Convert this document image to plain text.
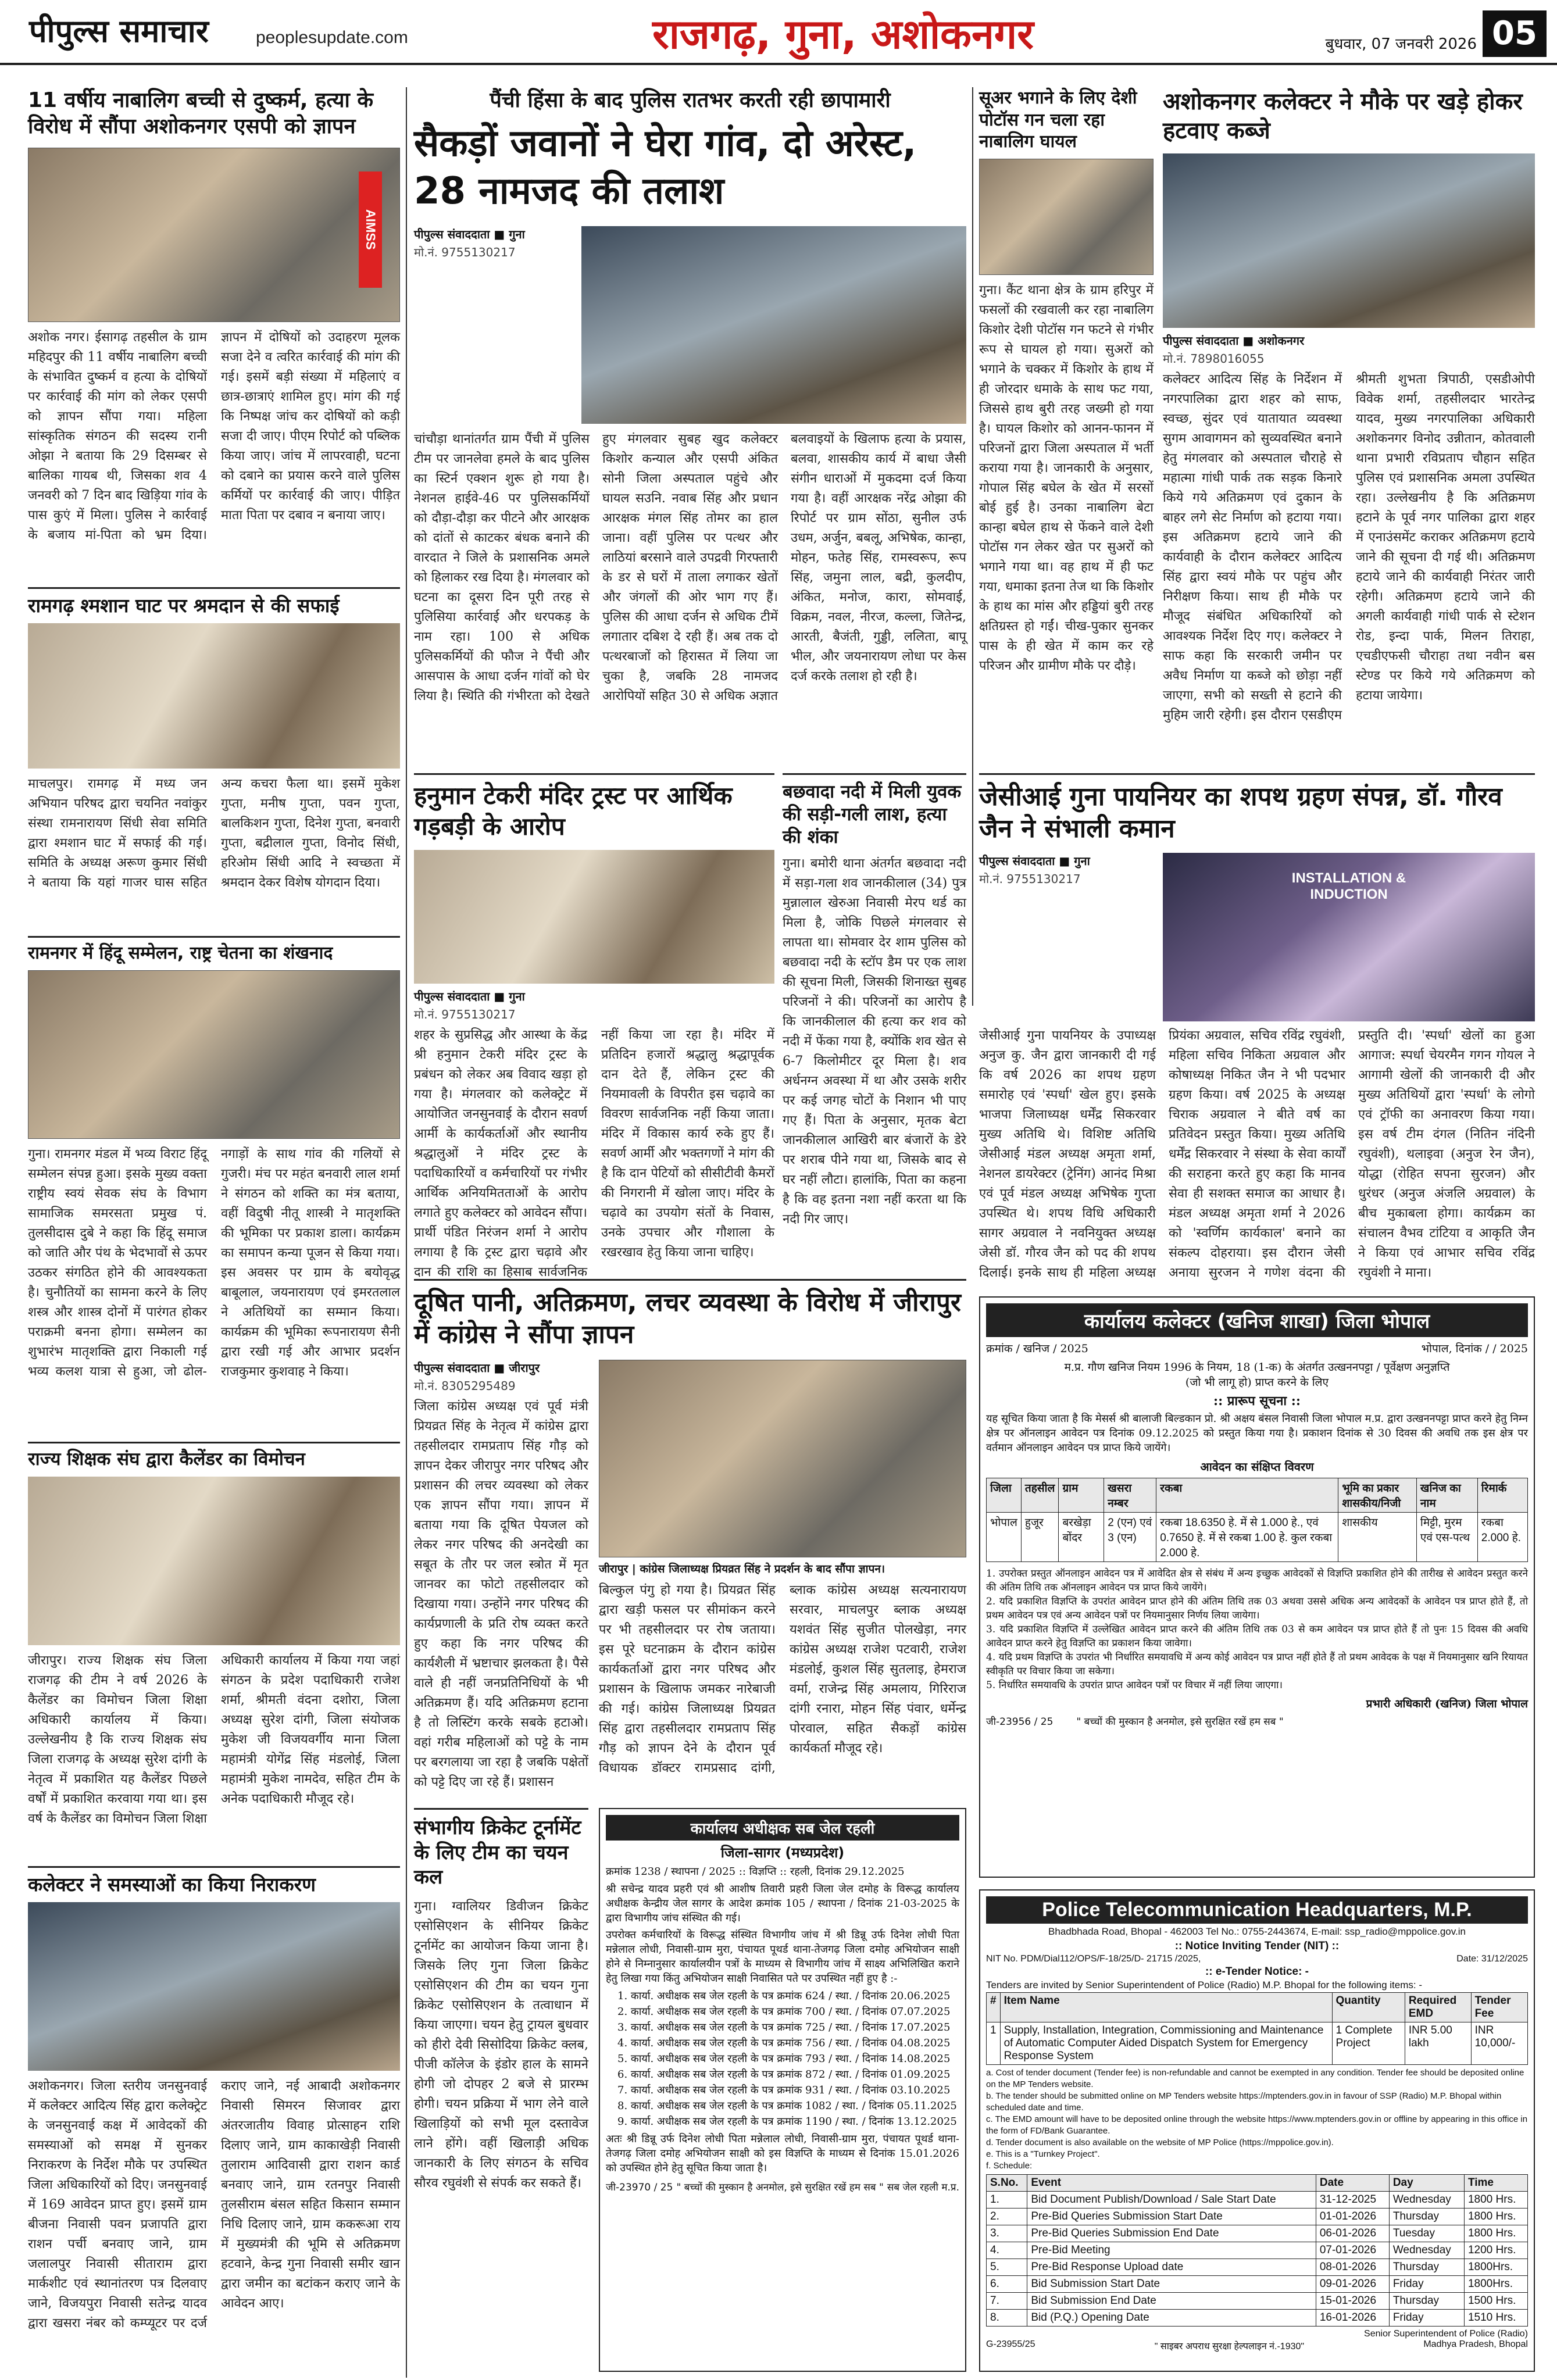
पीपुल्स समाचार	peoplesupdate.com	राजगढ़, गुना, अशोकनगर	बुधवार, 07 जनवरी 2026 05
11 वर्षीय नाबालिग बच्ची से दुष्कर्म, हत्या के विरोध में सौंपा अशोकनगर एसपी को ज्ञापन
AIMSS
अशोक नगर। ईसागढ़ तहसील के ग्राम महिदपुर की 11 वर्षीय नाबालिग बच्ची के संभावित दुष्कर्म व हत्या के दोषियों पर कार्रवाई की मांग को लेकर एसपी को ज्ञापन सौंपा गया। महिला सांस्कृतिक संगठन की सदस्य रानी ओझा ने बताया कि 29 दिसम्बर से बालिका गायब थी, जिसका शव 4 जनवरी को 7 दिन बाद खिड़िया गांव के पास कुएं में मिला। पुलिस ने कार्रवाई के बजाय मां-पिता को भ्रम दिया। ज्ञापन में दोषियों को उदाहरण मूलक सजा देने व त्वरित कार्रवाई की मांग की गई। इसमें बड़ी संख्या में महिलाएं व छात्र-छात्राएं शामिल हुए। मांग की गई कि निष्पक्ष जांच कर दोषियों को कड़ी सजा दी जाए। पीएम रिपोर्ट को पब्लिक किया जाए। जांच में लापरवाही, घटना को दबाने का प्रयास करने वाले पुलिस कर्मियों पर कार्रवाई की जाए। पीड़ित माता पिता पर दबाव न बनाया जाए।
रामगढ़ श्मशान घाट पर श्रमदान से की सफाई
माचलपुर। रामगढ़ में मध्य जन अभियान परिषद द्वारा चयनित नवांकुर संस्था रामनारायण सिंधी सेवा समिति द्वारा श्मशान घाट में सफाई की गई। समिति के अध्यक्ष अरूण कुमार सिंधी ने बताया कि यहां गाजर घास सहित अन्य कचरा फैला था। इसमें मुकेश गुप्ता, मनीष गुप्ता, पवन गुप्ता, बालकिशन गुप्ता, दिनेश गुप्ता, बनवारी गुप्ता, बद्रीलाल गुप्ता, विनोद सिंधी, हरिओम सिंधी आदि ने स्वच्छता में श्रमदान देकर विशेष योगदान दिया।
रामनगर में हिंदू सम्मेलन, राष्ट्र चेतना का शंखनाद
गुना। रामनगर मंडल में भव्य विराट हिंदू सम्मेलन संपन्न हुआ। इसके मुख्य वक्ता राष्ट्रीय स्वयं सेवक संघ के विभाग सामाजिक समरसता प्रमुख पं. तुलसीदास दुबे ने कहा कि हिंदू समाज को जाति और पंथ के भेदभावों से ऊपर उठकर संगठित होने की आवश्यकता है। चुनौतियों का सामना करने के लिए शस्त्र और शास्त्र दोनों में पारंगत होकर पराक्रमी बनना होगा। सम्मेलन का शुभारंभ मातृशक्ति द्वारा निकाली गई भव्य कलश यात्रा से हुआ, जो ढोल-नगाड़ों के साथ गांव की गलियों से गुजरी। मंच पर महंत बनवारी लाल शर्मा ने संगठन को शक्ति का मंत्र बताया, वहीं विदुषी नीतू शास्त्री ने मातृशक्ति की भूमिका पर प्रकाश डाला। कार्यक्रम का समापन कन्या पूजन से किया गया। इस अवसर पर ग्राम के बयोवृद्ध बाबूलाल, जयनारायण एवं इमरतलाल ने अतिथियों का सम्मान किया। कार्यक्रम की भूमिका रूपनारायण सैनी द्वारा रखी गई और आभार प्रदर्शन राजकुमार कुशवाह ने किया।
राज्य शिक्षक संघ द्वारा कैलेंडर का विमोचन
जीरापुर। राज्य शिक्षक संघ जिला राजगढ़ की टीम ने वर्ष 2026 के कैलेंडर का विमोचन जिला शिक्षा अधिकारी कार्यालय में किया। उल्लेखनीय है कि राज्य शिक्षक संघ जिला राजगढ़ के अध्यक्ष सुरेश दांगी के नेतृत्व में प्रकाशित यह कैलेंडर पिछले वर्षों में प्रकाशित करवाया गया था। इस वर्ष के कैलेंडर का विमोचन जिला शिक्षा अधिकारी कार्यालय में किया गया जहां संगठन के प्रदेश पदाधिकारी राजेश शर्मा, श्रीमती वंदना दशोरा, जिला अध्यक्ष सुरेश दांगी, जिला संयोजक मुकेश जी विजयवर्गीय माना जिला महामंत्री योगेंद्र सिंह मंडलोई, जिला महामंत्री मुकेश नामदेव, सहित टीम के अनेक पदाधिकारी मौजूद रहे।
कलेक्टर ने समस्याओं का किया निराकरण
अशोकनगर। जिला स्तरीय जनसुनवाई में कलेक्टर आदित्य सिंह द्वारा कलेक्ट्रेट के जनसुनवाई कक्ष में आवेदकों की समस्याओं को समक्ष में सुनकर निराकरण के निर्देश मौके पर उपस्थित जिला अधिकारियों को दिए। जनसुनवाई में 169 आवेदन प्राप्त हुए। इसमें ग्राम बीजना निवासी पवन प्रजापति द्वारा राशन पर्ची बनवाए जाने, ग्राम जलालपुर निवासी सीताराम द्वारा मार्कशीट एवं स्थानांतरण पत्र दिलवाए जाने, विजयपुरा निवासी सतेन्द्र यादव द्वारा खसरा नंबर को कम्प्यूटर पर दर्ज कराए जाने, नई आबादी अशोकनगर निवासी सिमरन सिजावर द्वारा अंतरजातीय विवाह प्रोत्साहन राशि दिलाए जाने, ग्राम काकाखेड़ी निवासी तुलाराम आदिवासी द्वारा राशन कार्ड बनवाए जाने, ग्राम रतनपुर निवासी तुलसीराम बंसल सहित किसान सम्मान निधि दिलाए जाने, ग्राम ककरूआ राय में मुख्यमंत्री की भूमि से अतिक्रमण हटवाने, केन्द्र गुना निवासी समीर खान द्वारा जमीन का बटांकन कराए जाने के आवेदन आए।
पैंची हिंसा के बाद पुलिस रातभर करती रही छापामारी
सैकड़ों जवानों ने घेरा गांव, दो अरेस्ट, 28 नामजद की तलाश
पीपुल्स संवाददाता ■ गुना
मो.नं. 9755130217
चांचौड़ा थानांतर्गत ग्राम पैंची में पुलिस टीम पर जानलेवा हमले के बाद पुलिस का स्टिर्न एक्शन शुरू हो गया है। नेशनल हाईवे-46 पर पुलिसकर्मियों को दौड़ा-दौड़ा कर पीटने और आरक्षक को दांतों से काटकर बंधक बनाने की वारदात ने जिले के प्रशासनिक अमले को हिलाकर रख दिया है। मंगलवार को घटना का दूसरा दिन पूरी तरह से पुलिसिया कार्रवाई और धरपकड़ के नाम रहा। 100 से अधिक पुलिसकर्मियों की फौज ने पैंची और आसपास के आधा दर्जन गांवों को घेर लिया है। स्थिति की गंभीरता को देखते हुए मंगलवार सुबह खुद कलेक्टर किशोर कन्याल और एसपी अंकित सोनी जिला अस्पताल पहुंचे और घायल सउनि. नवाब सिंह और प्रधान आरक्षक मंगल सिंह तोमर का हाल जाना। वहीं पुलिस पर पत्थर और लाठियां बरसाने वाले उपद्रवी गिरफ्तारी के डर से घरों में ताला लगाकर खेतों और जंगलों की ओर भाग गए हैं। पुलिस की आधा दर्जन से अधिक टीमें लगातार दबिश दे रही हैं। अब तक दो पत्थरबाजों को हिरासत में लिया जा चुका है, जबकि 28 नामजद आरोपियों सहित 30 से अधिक अज्ञात बलवाइयों के खिलाफ हत्या के प्रयास, बलवा, शासकीय कार्य में बाधा जैसी संगीन धाराओं में मुकदमा दर्ज किया गया है। वहीं आरक्षक नरेंद्र ओझा की रिपोर्ट पर ग्राम सोंठा, सुनील उर्फ उधम, अर्जुन, बबलू, अभिषेक, कान्हा, मोहन, फतेह सिंह, रामस्वरूप, रूप सिंह, जमुना लाल, बद्री, कुलदीप, अंकित, मनोज, कारा, सोमवाई, विक्रम, नवल, नीरज, कल्ला, जितेन्द्र, आरती, बैजंती, गुड्डी, ललिता, बापू भील, और जयनारायण लोधा पर केस दर्ज करके तलाश हो रही है।
सूअर भगाने के लिए देशी पोटॉस गन चला रहा नाबालिग घायल
गुना। कैंट थाना क्षेत्र के ग्राम हरिपुर में फसलों की रखवाली कर रहा नाबालिग किशोर देशी पोटॉस गन फटने से गंभीर रूप से घायल हो गया। सुअरों को भगाने के चक्कर में किशोर के हाथ में ही जोरदार धमाके के साथ फट गया, जिससे हाथ बुरी तरह जख्मी हो गया है। घायल किशोर को आनन-फानन में परिजनों द्वारा जिला अस्पताल में भर्ती कराया गया है। जानकारी के अनुसार, गोपाल सिंह बघेल के खेत में सरसों बोई हुई है। उनका नाबालिग बेटा कान्हा बघेल हाथ से फेंकने वाले देशी पोटॉस गन लेकर खेत पर सुअरों को भगाने गया था। वह हाथ में ही फट गया, धमाका इतना तेज था कि किशोर के हाथ का मांस और हड्डियां बुरी तरह क्षतिग्रस्त हो गईं। चीख-पुकार सुनकर पास के ही खेत में काम कर रहे परिजन और ग्रामीण मौके पर दौड़े।
अशोकनगर कलेक्टर ने मौके पर खड़े होकर हटवाए कब्जे
पीपुल्स संवाददाता ■ अशोकनगर
मो.नं. 7898016055
कलेक्टर आदित्य सिंह के निर्देशन में नगरपालिका द्वारा शहर को साफ, स्वच्छ, सुंदर एवं यातायात व्यवस्था सुगम आवागमन को सुव्यवस्थित बनाने हेतु मंगलवार को अस्पताल चौराहे से महात्मा गांधी पार्क तक सड़क किनारे किये गये अतिक्रमण एवं दुकान के बाहर लगे सेट निर्माण को हटाया गया। इस अतिक्रमण हटाये जाने की कार्यवाही के दौरान कलेक्टर आदित्य सिंह द्वारा स्वयं मौके पर पहुंच और निरीक्षण किया। साथ ही मौके पर मौजूद संबंधित अधिकारियों को आवश्यक निर्देश दिए गए। कलेक्टर ने साफ कहा कि सरकारी जमीन पर अवैध निर्माण या कब्जे को छोड़ा नहीं जाएगा, सभी को सख्ती से हटाने की मुहिम जारी रहेगी। इस दौरान एसडीएम श्रीमती शुभता त्रिपाठी, एसडीओपी विवेक शर्मा, तहसीलदार भारतेन्द्र यादव, मुख्य नगरपालिका अधिकारी अशोकनगर विनोद उन्नीतान, कोतवाली थाना प्रभारी रविप्रताप चौहान सहित पुलिस एवं प्रशासनिक अमला उपस्थित रहा। उल्लेखनीय है कि अतिक्रमण हटाने के पूर्व नगर पालिका द्वारा शहर में एनाउंसमेंट कराकर अतिक्रमण हटाये जाने की सूचना दी गई थी। अतिक्रमण हटाये जाने की कार्यवाही निरंतर जारी रहेगी। अतिक्रमण हटाये जाने की अगली कार्यवाही गांधी पार्क से स्टेशन रोड, इन्दा पार्क, मिलन तिराहा, एचडीएफसी चौराहा तथा नवीन बस स्टेण्ड पर किये गये अतिक्रमण को हटाया जायेगा।
हनुमान टेकरी मंदिर ट्रस्ट पर आर्थिक गड़बड़ी के आरोप
पीपुल्स संवाददाता ■ गुना
मो.नं. 9755130217
शहर के सुप्रसिद्ध और आस्था के केंद्र श्री हनुमान टेकरी मंदिर ट्रस्ट के प्रबंधन को लेकर अब विवाद खड़ा हो गया है। मंगलवार को कलेक्ट्रेट में आयोजित जनसुनवाई के दौरान सवर्ण आर्मी के कार्यकर्ताओं और स्थानीय श्रद्धालुओं ने मंदिर ट्रस्ट के पदाधिकारियों व कर्मचारियों पर गंभीर आर्थिक अनियमितताओं के आरोप लगाते हुए कलेक्टर को आवेदन सौंपा। प्रार्थी पंडित निरंजन शर्मा ने आरोप लगाया है कि ट्रस्ट द्वारा चढ़ावे और दान की राशि का हिसाब सार्वजनिक नहीं किया जा रहा है। मंदिर में प्रतिदिन हजारों श्रद्धालु श्रद्धापूर्वक दान देते हैं, लेकिन ट्रस्ट की नियमावली के विपरीत इस चढ़ावे का विवरण सार्वजनिक नहीं किया जाता। मंदिर में विकास कार्य रुके हुए हैं। सवर्ण आर्मी और भक्तगणों ने मांग की है कि दान पेटियों को सीसीटीवी कैमरों की निगरानी में खोला जाए। मंदिर के चढ़ावे का उपयोग संतों के निवास, उनके उपचार और गौशाला के रखरखाव हेतु किया जाना चाहिए।
बछवादा नदी में मिली युवक की सड़ी-गली लाश, हत्या की शंका
गुना। बमोरी थाना अंतर्गत बछवादा नदी में सड़ा-गला शव जानकीलाल (34) पुत्र मुन्नालाल खेरुआ निवासी मेरप थर्ड का मिला है, जोकि पिछले मंगलवार से लापता था। सोमवार देर शाम पुलिस को बछवादा नदी के स्टॉप डैम पर एक लाश की सूचना मिली, जिसकी शिनाख्त सुबह परिजनों ने की। परिजनों का आरोप है कि जानकीलाल की हत्या कर शव को नदी में फेंका गया है, क्योंकि शव खेत से 6-7 किलोमीटर दूर मिला है। शव अर्धनग्न अवस्था में था और उसके शरीर पर कई जगह चोटों के निशान भी पाए गए हैं। पिता के अनुसार, मृतक बेटा जानकीलाल आखिरी बार बंजारों के डेरे पर शराब पीने गया था, जिसके बाद से घर नहीं लौटा। हालांकि, पिता का कहना है कि वह इतना नशा नहीं करता था कि नदी गिर जाए।
जेसीआई गुना पायनियर का शपथ ग्रहण संपन्न, डॉ. गौरव जैन ने संभाली कमान
पीपुल्स संवाददाता ■ गुना
मो.नं. 9755130217	INSTALLATION & INDUCTION
जेसीआई गुना पायनियर के उपाध्यक्ष अनुज कु. जैन द्वारा जानकारी दी गई कि वर्ष 2026 का शपथ ग्रहण समारोह एवं 'स्पर्धा' खेल हुए। इसके भाजपा जिलाध्यक्ष धर्मेंद्र सिकरवार मुख्य अतिथि थे। विशिष्ट अतिथि जेसीआई मंडल अध्यक्ष अमृता शर्मा, नेशनल डायरेक्टर (ट्रेनिंग) आनंद मिश्रा एवं पूर्व मंडल अध्यक्ष अभिषेक गुप्ता उपस्थित थे। शपथ विधि अधिकारी सागर अग्रवाल ने नवनियुक्त अध्यक्ष जेसी डॉ. गौरव जैन को पद की शपथ दिलाई। इनके साथ ही महिला अध्यक्ष प्रियंका अग्रवाल, सचिव रविंद्र रघुवंशी, महिला सचिव निकिता अग्रवाल और कोषाध्यक्ष निकित जैन ने भी पदभार ग्रहण किया। वर्ष 2025 के अध्यक्ष चिराक अग्रवाल ने बीते वर्ष का प्रतिवेदन प्रस्तुत किया। मुख्य अतिथि धर्मेंद्र सिकरवार ने संस्था के सेवा कार्यों की सराहना करते हुए कहा कि मानव सेवा ही सशक्त समाज का आधार है। मंडल अध्यक्ष अमृता शर्मा ने 2026 को 'स्वर्णिम कार्यकाल' बनाने का संकल्प दोहराया। इस दौरान जेसी अनाया सुरजन ने गणेश वंदना की प्रस्तुति दी। 'स्पर्धा' खेलों का हुआ आगाज: स्पर्धा चेयरमैन गगन गोयल ने आगामी खेलों की जानकारी दी और मुख्य अतिथियों द्वारा 'स्पर्धा' के लोगो एवं ट्रॉफी का अनावरण किया गया। इस वर्ष टीम दंगल (नितिन नंदिनी रघुवंशी), थलाइवा (अनुज रेन जैन), योद्धा (रोहित सपना सुरजन) और धुरंधर (अनुज अंजलि अग्रवाल) के बीच मुकाबला होगा। कार्यक्रम का संचालन वैभव टांटिया व आकृति जैन ने किया एवं आभार सचिव रविंद्र रघुवंशी ने माना।
दूषित पानी, अतिक्रमण, लचर व्यवस्था के विरोध में जीरापुर में कांग्रेस ने सौंपा ज्ञापन
पीपुल्स संवाददाता ■ जीरापुर
मो.नं. 8305295489
जिला कांग्रेस अध्यक्ष एवं पूर्व मंत्री प्रियव्रत सिंह के नेतृत्व में कांग्रेस द्वारा तहसीलदार रामप्रताप सिंह गौड़ को ज्ञापन देकर जीरापुर नगर परिषद और प्रशासन की लचर व्यवस्था को लेकर एक ज्ञापन सौंपा गया। ज्ञापन में बताया गया कि दूषित पेयजल को लेकर नगर परिषद की अनदेखी का सबूत के तौर पर जल स्त्रोत में मृत जानवर का फोटो तहसीलदार को दिखाया गया। उन्होंने नगर परिषद की कार्यप्रणाली के प्रति रोष व्यक्त करते हुए कहा कि नगर परिषद की कार्यशैली में भ्रष्टाचार झलकता है। पैसे वाले ही नहीं जनप्रतिनिधियों के भी अतिक्रमण हैं। यदि अतिक्रमण हटाना है तो लिस्टिंग करके सबके हटाओ। वहां गरीब महिलाओं को पट्टे के नाम पर बरगलाया जा रहा है जबकि पक्षेतों को पट्टे दिए जा रहे हैं। प्रशासन
जीरापुर | कांग्रेस जिलाध्यक्ष प्रियव्रत सिंह ने प्रदर्शन के बाद सौंपा ज्ञापन।
बिल्कुल पंगु हो गया है। प्रियव्रत सिंह द्वारा खड़ी फसल पर सीमांकन करने पर भी तहसीलदार पर रोष जताया। इस पूरे घटनाक्रम के दौरान कांग्रेस कार्यकर्ताओं द्वारा नगर परिषद और प्रशासन के खिलाफ जमकर नारेबाजी की गई। कांग्रेस जिलाध्यक्ष प्रियव्रत सिंह द्वारा तहसीलदार रामप्रताप सिंह गौड़ को ज्ञापन देने के दौरान पूर्व विधायक डॉक्टर रामप्रसाद दांगी, ब्लाक कांग्रेस अध्यक्ष सत्यनारायण सरवार, माचलपुर ब्लाक अध्यक्ष यशवंत सिंह सुजीत पोलखेड़ा, नगर कांग्रेस अध्यक्ष राजेश पटवारी, राजेश मंडलोई, कुशल सिंह सुतलाइ, हेमराज वर्मा, राजेन्द्र सिंह अमलाय, गिरिराज दांगी रनारा, मोहन सिंह पंवार, धर्मेन्द्र पोरवाल, सहित सैकड़ों कांग्रेस कार्यकर्ता मौजूद रहे।
संभागीय क्रिकेट टूर्नामेंट के लिए टीम का चयन कल
गुना। ग्वालियर डिवीजन क्रिकेट एसोसिएशन के सीनियर क्रिकेट टूर्नामेंट का आयोजन किया जाना है। जिसके लिए गुना जिला क्रिकेट एसोसिएशन की टीम का चयन गुना क्रिकेट एसोसिएशन के तत्वाधान में किया जाएगा। चयन हेतु ट्रायल बुधवार को हीरो देवी सिसोदिया क्रिकेट क्लब, पीजी कॉलेज के इंडोर हाल के सामने होगी जो दोपहर 2 बजे से प्रारम्भ होगी। चयन प्रक्रिया में भाग लेने वाले खिलाड़ियों को सभी मूल दस्तावेज लाने होंगे। वहीं खिलाड़ी अधिक जानकारी के लिए संगठन के सचिव सौरव रघुवंशी से संपर्क कर सकते हैं।
कार्यालय अधीक्षक सब जेल रहली
जिला-सागर (मध्यप्रदेश)
क्रमांक 1238 / स्थापना / 2025 :: विज्ञप्ति :: रहली, दिनांक 29.12.2025
श्री सचेन्द्र यादव प्रहरी एवं श्री आशीष तिवारी प्रहरी जिला जेल दमोह के विरूद्ध कार्यालय अधीक्षक केन्द्रीय जेल सागर के आदेश क्रमांक 105 / स्थापना / दिनांक 21-03-2025 के द्वारा विभागीय जांच संस्थित की गई।
उपरोक्त कर्मचारियों के विरूद्ध संस्थित विभागीय जांच में श्री डिन्नू उर्फ दिनेश लोधी पिता मन्नेलाल लोधी, निवासी-ग्राम मुरा, पंचायत पूथर्ड थाना-तेजगढ़ जिला दमोह अभियोजन साक्षी होने से निम्नानुसार कार्यालयीन पत्रों के माध्यम से विभागीय जांच में साक्ष्य अभिलिखित कराने हेतु लिखा गया किंतु अभियोजन साक्षी निवासित पते पर उपस्थित नहीं हुए है :-
1. कार्या. अधीक्षक सब जेल रहली के पत्र क्रमांक 624 / स्था. / दिनांक 20.06.2025
2. कार्या. अधीक्षक सब जेल रहली के पत्र क्रमांक 700 / स्था. / दिनांक 07.07.2025
3. कार्या. अधीक्षक सब जेल रहली के पत्र क्रमांक 725 / स्था. / दिनांक 17.07.2025
4. कार्या. अधीक्षक सब जेल रहली के पत्र क्रमांक 756 / स्था. / दिनांक 04.08.2025
5. कार्या. अधीक्षक सब जेल रहली के पत्र क्रमांक 793 / स्था. / दिनांक 14.08.2025
6. कार्या. अधीक्षक सब जेल रहली के पत्र क्रमांक 872 / स्था. / दिनांक 01.09.2025
7. कार्या. अधीक्षक सब जेल रहली के पत्र क्रमांक 931 / स्था. / दिनांक 03.10.2025
8. कार्या. अधीक्षक सब जेल रहली के पत्र क्रमांक 1082 / स्था. / दिनांक 05.11.2025
9. कार्या. अधीक्षक सब जेल रहली के पत्र क्रमांक 1190 / स्था. / दिनांक 13.12.2025
अतः श्री डिन्नू उर्फ दिनेश लोधी पिता मन्नेलाल लोधी, निवासी-ग्राम मुरा, पंचायत पूथर्ड थाना-तेजगढ़ जिला दमोह अभियोजन साक्षी को इस विज्ञप्ति के माध्यम से दिनांक 15.01.2026 को उपस्थित होने हेतु सूचित किया जाता है।
जी-23970 / 25 " बच्चों की मुस्कान है अनमोल, इसे सुरक्षित रखें हम सब " सब जेल रहली म.प्र.
कार्यालय कलेक्टर (खनिज शाखा) जिला भोपाल
क्रमांक / खनिज / 2025	भोपाल, दिनांक / / 2025
म.प्र. गौण खनिज नियम 1996 के नियम, 18 (1-क) के अंतर्गत उत्खननपट्टा / पूर्वेक्षण अनुज्ञप्ति
(जो भी लागू हो) प्राप्त करने के लिए
:: प्रारूप सूचना ::
यह सूचित किया जाता है कि मेसर्स श्री बालाजी बिल्डकान प्रो. श्री अक्षय बंसल निवासी जिला भोपाल म.प्र. द्वारा उत्खननपट्टा प्राप्त करने हेतु निम्न क्षेत्र पर ऑनलाइन आवेदन पत्र दिनांक 09.12.2025 को प्रस्तुत किया गया है। प्रकाशन दिनांक से 30 दिवस की अवधि तक इस क्षेत्र पर वर्तमान ऑनलाइन आवेदन पत्र प्राप्त किये जायेंगे।
आवेदन का संक्षिप्त विवरण
जिला	तहसील	ग्राम	खसरा नम्बर	रकबा	भूमि का प्रकार शासकीय/निजी	खनिज का नाम	रिमार्क
भोपाल	हुजूर	बरखेड़ा बोंदर	2 (एन) एवं 3 (एन)	रकबा 18.6350 हे. में से 1.000 हे., एवं 0.7650 हे. में से रकबा 1.00 हे. कुल रकबा 2.000 हे.	शासकीय	मिट्टी, मुरम एवं एस-पत्थ	रकबा 2.000 हे.
1. उपरोक्त प्रस्तुत ऑनलाइन आवेदन पत्र में आवेदित क्षेत्र से संबंध में अन्य इच्छुक आवेदकों से विज्ञप्ति प्रकाशित होने की तारीख से आवेदन प्रस्तुत करने की अंतिम तिथि तक ऑनलाइन आवेदन पत्र प्राप्त किये जायेंगे।
2. यदि प्रकाशित विज्ञप्ति के उपरांत आवेदन प्राप्त होने की अंतिम तिथि तक 03 अथवा उससे अधिक अन्य आवेदकों के आवेदन पत्र प्राप्त होते हैं, तो प्रथम आवेदन पत्र एवं अन्य आवेदन पत्रों पर नियमानुसार निर्णय लिया जायेगा।
3. यदि प्रकाशित विज्ञप्ति में उल्लेखित आवेदन प्राप्त करने की अंतिम तिथि तक 03 से कम आवेदन पत्र प्राप्त होते हैं तो पुनः 15 दिवस की अवधि आवेदन प्राप्त करने हेतु विज्ञप्ति का प्रकाशन किया जावेगा।
4. यदि प्रथम विज्ञप्ति के उपरांत भी निर्धारित समयावधि में अन्य कोई आवेदन पत्र प्राप्त नहीं होते हैं तो प्रथम आवेदक के पक्ष में नियमानुसार खनि रियायत स्वीकृति पर विचार किया जा सकेगा।
5. निर्धारित समयावधि के उपरांत प्राप्त आवेदन पत्रों पर विचार में नहीं लिया जाएगा।
प्रभारी अधिकारी (खनिज) जिला भोपाल
जी-23956 / 25 " बच्चों की मुस्कान है अनमोल, इसे सुरक्षित रखें हम सब "
Police Telecommunication Headquarters, M.P.
Bhadbhada Road, Bhopal - 462003 Tel No.: 0755-2443674, E-mail: ssp_radio@mppolice.gov.in
:: Notice Inviting Tender (NIT) ::
NIT No. PDM/Dial112/OPS/F-18/25/D- 21715 /2025,	Date: 31/12/2025
:: e-Tender Notice: -
Tenders are invited by Senior Superintendent of Police (Radio) M.P. Bhopal for the following items: -
#	Item Name	Quantity	Required EMD	Tender Fee
1	Supply, Installation, Integration, Commissioning and Maintenance of Automatic Computer Aided Dispatch System for Emergency Response System	1 Complete Project	INR 5.00 lakh	INR 10,000/-
a. Cost of tender document (Tender fee) is non-refundable and cannot be exempted in any condition. Tender fee should be deposited online on the MP Tenders website.
b. The tender should be submitted online on MP Tenders website https://mptenders.gov.in in favour of SSP (Radio) M.P. Bhopal within scheduled date and time.
c. The EMD amount will have to be deposited online through the website https://www.mptenders.gov.in or offline by appearing in this office in the form of FD/Bank Guarantee.
d. Tender document is also available on the website of MP Police (https://mppolice.gov.in).
e. This is a "Turnkey Project".
f. Schedule:
S.No.	Event	Date	Day	Time
1.	Bid Document Publish/Download / Sale Start Date	31-12-2025	Wednesday	1800 Hrs.
2.	Pre-Bid Queries Submission Start Date	01-01-2026	Thursday	1800 Hrs.
3.	Pre-Bid Queries Submission End Date	06-01-2026	Tuesday	1800 Hrs.
4.	Pre-Bid Meeting	07-01-2026	Wednesday	1200 Hrs.
5.	Pre-Bid Response Upload date	08-01-2026	Thursday	1800Hrs.
6.	Bid Submission Start Date	09-01-2026	Friday	1800Hrs.
7.	Bid Submission End Date	15-01-2026	Thursday	1500 Hrs.
8.	Bid (P.Q.) Opening Date	16-01-2026	Friday	1510 Hrs.
Senior Superintendent of Police (Radio)
G-23955/25	" साइबर अपराध सुरक्षा हेल्पलाइन नं.-1930"	Madhya Pradesh, Bhopal
